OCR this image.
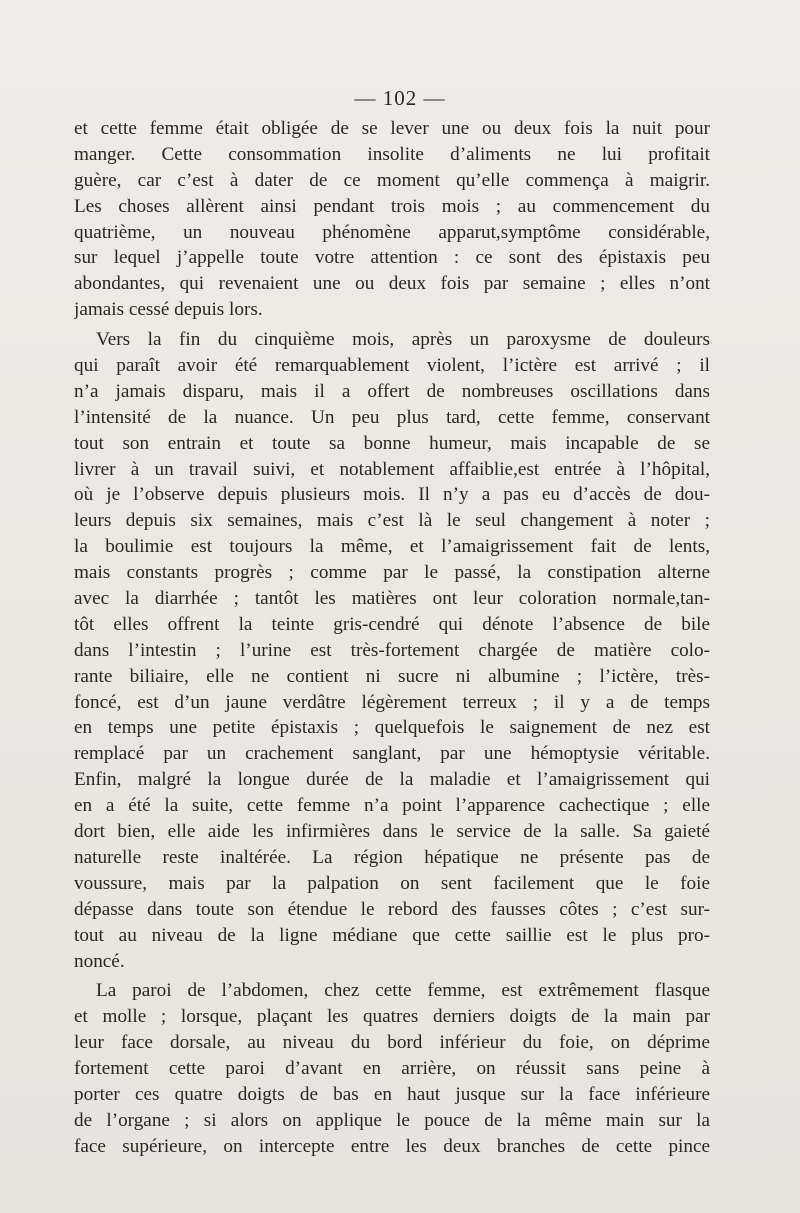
— 102 —
et cette femme était obligée de se lever une ou deux fois la nuit pour
manger. Cette consommation insolite d’aliments ne lui profitait
guère, car c’est à dater de ce moment qu’elle commença à maigrir.
Les choses allèrent ainsi pendant trois mois ; au commencement du
quatrième, un nouveau phénomène apparut,symptôme considérable,
sur lequel j’appelle toute votre attention : ce sont des épistaxis peu
abondantes, qui revenaient une ou deux fois par semaine ; elles n’ont
jamais cessé depuis lors.
Vers la fin du cinquième mois, après un paroxysme de douleurs
qui paraît avoir été remarquablement violent, l’ictère est arrivé ; il
n’a jamais disparu, mais il a offert de nombreuses oscillations dans
l’intensité de la nuance. Un peu plus tard, cette femme, conservant
tout son entrain et toute sa bonne humeur, mais incapable de se
livrer à un travail suivi, et notablement affaiblie,est entrée à l’hôpital,
où je l’observe depuis plusieurs mois. Il n’y a pas eu d’accès de dou-
leurs depuis six semaines, mais c’est là le seul changement à noter ;
la boulimie est toujours la même, et l’amaigrissement fait de lents,
mais constants progrès ; comme par le passé, la constipation alterne
avec la diarrhée ; tantôt les matières ont leur coloration normale,tan-
tôt elles offrent la teinte gris-cendré qui dénote l’absence de bile
dans l’intestin ; l’urine est très-fortement chargée de matière colo-
rante biliaire, elle ne contient ni sucre ni albumine ; l’ictère, très-
foncé, est d’un jaune verdâtre légèrement terreux ; il y a de temps
en temps une petite épistaxis ; quelquefois le saignement de nez est
remplacé par un crachement sanglant, par une hémoptysie véritable.
Enfin, malgré la longue durée de la maladie et l’amaigrissement qui
en a été la suite, cette femme n’a point l’apparence cachectique ; elle
dort bien, elle aide les infirmières dans le service de la salle. Sa gaieté
naturelle reste inaltérée. La région hépatique ne présente pas de
voussure, mais par la palpation on sent facilement que le foie
dépasse dans toute son étendue le rebord des fausses côtes ; c’est sur-
tout au niveau de la ligne médiane que cette saillie est le plus pro-
noncé.
La paroi de l’abdomen, chez cette femme, est extrêmement flasque
et molle ; lorsque, plaçant les quatres derniers doigts de la main par
leur face dorsale, au niveau du bord inférieur du foie, on déprime
fortement cette paroi d’avant en arrière, on réussit sans peine à
porter ces quatre doigts de bas en haut jusque sur la face inférieure
de l’organe ; si alors on applique le pouce de la même main sur la
face supérieure, on intercepte entre les deux branches de cette pince
